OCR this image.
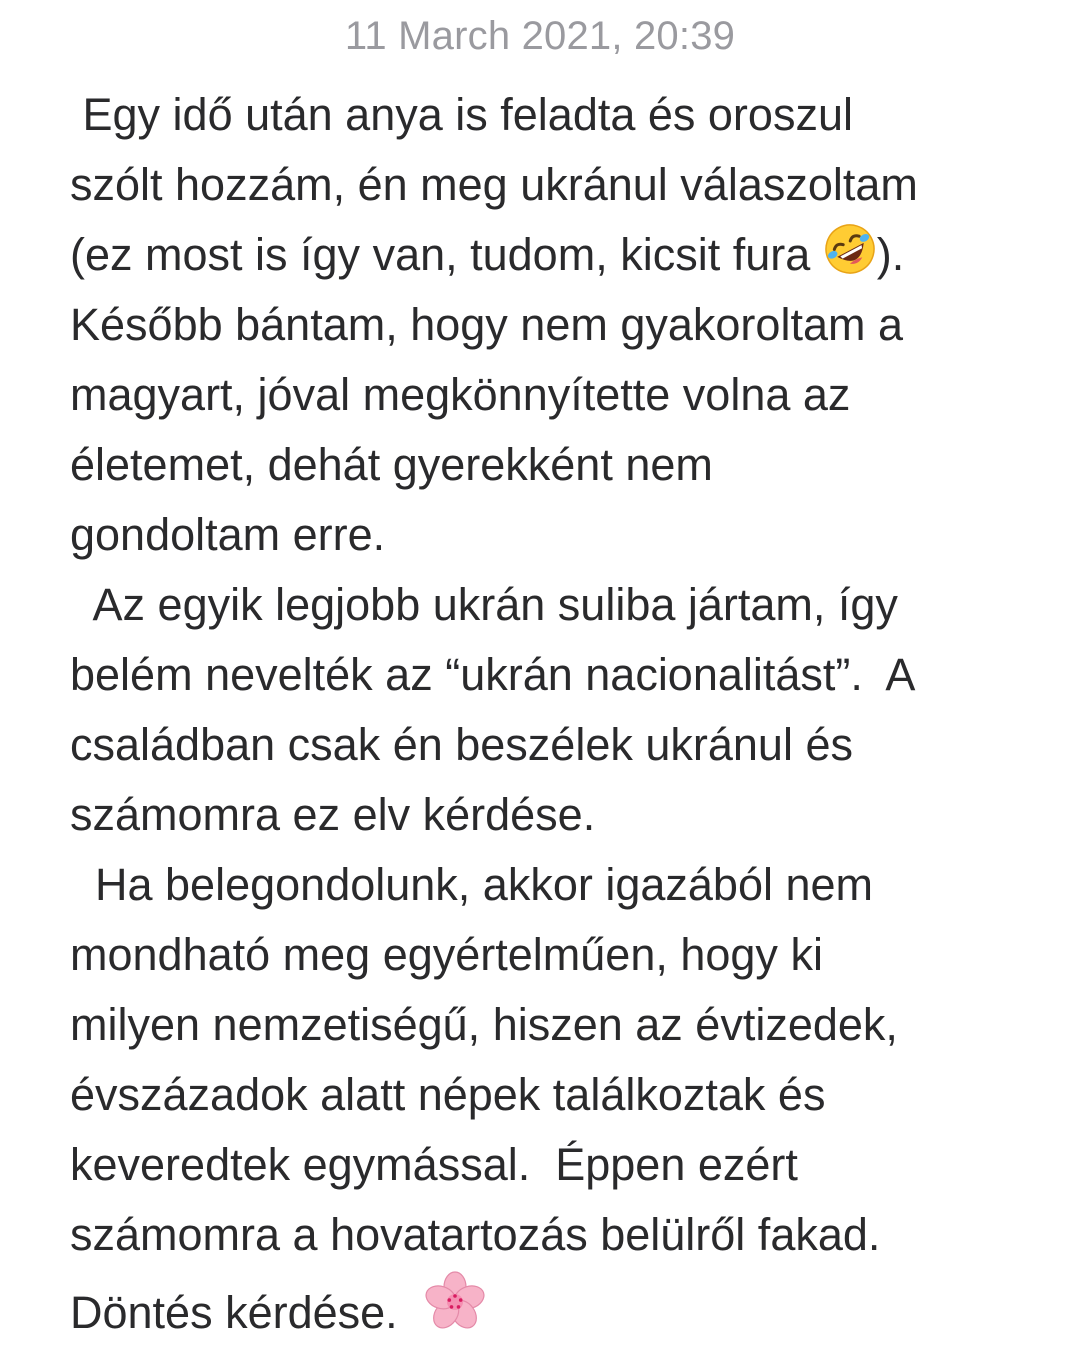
11 March 2021, 20:39
Egy idő után anya is feladta és oroszul
szólt hozzám, én meg ukránul válaszoltam
(ez most is így van, tudom, kicsit fura ).
Később bántam, hogy nem gyakoroltam a
magyart, jóval megkönnyítette volna az
életemet, dehát gyerekként nem
gondoltam erre.
Az egyik legjobb ukrán suliba jártam, így
belém nevelték az “ukrán nacionalitást”.  A
családban csak én beszélek ukránul és
számomra ez elv kérdése.
Ha belegondolunk, akkor igazából nem
mondható meg egyértelműen, hogy ki
milyen nemzetiségű, hiszen az évtizedek,
évszázadok alatt népek találkoztak és
keveredtek egymással.  Éppen ezért
számomra a hovatartozás belülről fakad.
Döntés kérdése.
